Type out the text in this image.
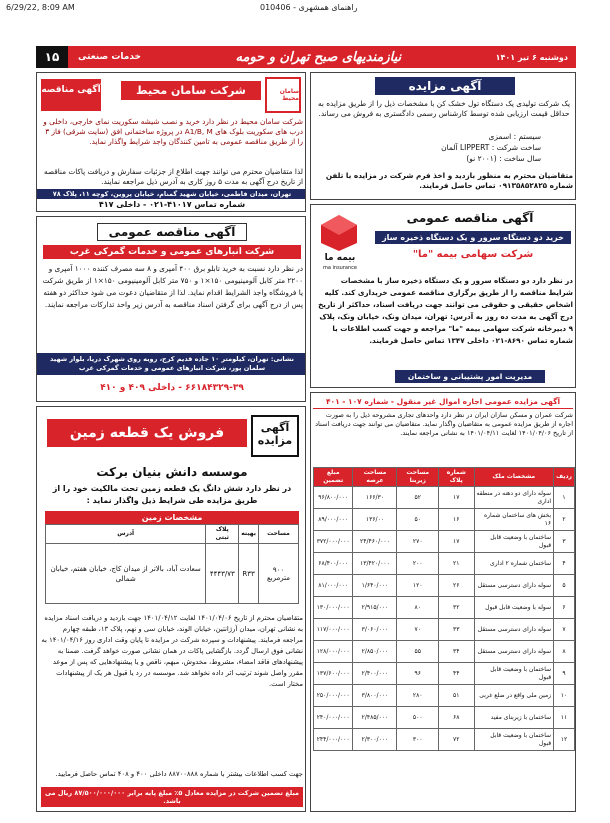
6/29/22, 8:09 AM	010406 - راهنمای همشهری
خدمات صنعتی	نیازمندیهای صبح تهران و حومه	دوشنبه ۶ تیر ۱۴۰۱
۱۵
آگهی مزایده
یک شرکت تولیدی یک دستگاه تول خشک کن با مشخصات ذیل را از طریق مزایده به حداقل قیمت ارزیابی شده توسط کارشناس رسمی دادگستری به فروش می رساند.
سیستم : اسمزی
ساخت شرکت : LIPPERT آلمان
سال ساخت : (۲۰۰۱ نو)
متقاضیان محترم به منظور بازدید و اخذ فرم شرکت در مزایده با تلفن شماره ۰۹۱۳۵۸۵۲۸۲۵ تماس حاصل فرمایند.
شرکت سامان محیط
آگهی مناقصه	سامان محیط
شرکت سامان محیط در نظر دارد خرید و نصب شیشه سکوریت نمای خارجی، داخلی و درب های سکوریت بلوک های A1/B, M در پروژه ساختمانی افق (سایت شرقی) فاز ۳ را از طریق مناقصه عمومی به تامین کنندگان واجد شرایط واگذار نماید.
لذا متقاضیان محترم می توانند جهت اطلاع از جزئیات سفارش و دریافت پاکات مناقصه از تاریخ درج آگهی به مدت ۵ روز کاری به آدرس ذیل مراجعه نمایند.
تهران، میدان فاطمی، خیابان شهید گمنام، خیابان پروین، کوچه ۱۱، پلاک ۷۸
شماره تماس ۴۱۰۱۷-۰۲۱ - داخلی ۴۱۷
بیمه ما
ma insurance
آگهی مناقصه عمومی
خرید دو دستگاه سرور و یک دستگاه ذخیره ساز
شرکت سهامی بیمه "ما"
در نظر دارد دو دستگاه سرور و یک دستگاه ذخیره ساز با مشخصات شرایط مناقصه را از طریق برگزاری مناقصه عمومی خریداری کند. کلیه اشخاص حقیقی و حقوقی می توانند جهت دریافت اسناد، حداکثر از تاریخ درج آگهی به مدت ده روز به آدرس: تهران، میدان ونک، خیابان ونک، پلاک ۹ دبیرخانه شرکت سهامی بیمه "ما" مراجعه و جهت کسب اطلاعات با شماره تماس ۸۶۹۰-۰۲۱ داخلی ۱۳۴۷ تماس حاصل فرمایند.
مدیریت امور پشتیبانی و ساختمان
آگهی مناقصه عمومی
شرکت انبارهای عمومی و خدمات گمرکی غرب
در نظر دارد نسبت به خرید تابلو برق ۴۰۰ آمپری و ۸ سه مصرف کننده ۱۰۰۰ آمپری و ۲۲۰۰ متر کابل آلومینیومی ۱۵۰×۱ و ۷۵۰ متر کابل آلومینیومی ۱۵۰×۱ از طریق شرکت یا فروشگاه واجد الشرایط اقدام نماید. لذا از متقاضیان دعوت می شود حداکثر دو هفته پس از درج آگهی برای گرفتن اسناد مناقصه به آدرس زیر واحد تدارکات مراجعه نمایند.
نشانی: تهران، کیلومتر ۱۰ جاده قدیم کرج، روبه روی شهرک دریا، بلوار شهید سلمان پور، شرکت انبارهای عمومی و خدمات گمرکی غرب
۶۶۱۸۴۳۲۹-۳۹ - داخلی ۴۰۹ و ۴۱۰
آگهی مزایده عمومی اجاره اموال غیر منقول - شماره ۱۰۷ - ۴۰۱
شرکت عمران و مسکن سازان ایران در نظر دارد واحدهای تجاری مشروحه ذیل را به صورت اجاره از طریق مزایده عمومی به متقاضیان واگذار نماید. متقاضیان می توانند جهت دریافت اسناد از تاریخ ۱۴۰۱/۰۴/۰۶ لغایت ۱۴۰۱/۰۴/۱۱ به نشانی مراجعه نمایند.
ردیف	مشخصات ملک	شماره پلاک	مساحت زیربنا	مساحت عرصه	مبلغ تضمین
۱	سوله دارای دو دهنه در منطقه اداری	۱۷	۵۲	۱۶۶/۳۰	۹۶/۸۰۰/۰۰۰
۲	بخش های ساختمان شماره ۱۶	۱۶	۵۰	۱۳۶/۰۰	۸۹/۰۰۰/۰۰۰
۳	ساختمان با وضعیت قابل قبول	۱۷	۲۷۰	۲۴/۴۶۰/۰۰۰	۳۷۲/۰۰۰/۰۰۰
۴	ساختمان شماره ۲ اداری	۲۱	۲۰۰	۱۳/۴۲۰/۰۰۰	۶۸/۴۰۰/۰۰۰
۵	سوله دارای دسترسی مستقل	۲۶	۱۲۰	۱/۶۴۰/۰۰۰	۸۱/۰۰۰/۰۰۰
۶	سوله با وضعیت قابل قبول	۳۲	۸۰	۲/۹۱۵/۰۰۰	۱۳۰/۰۰۰/۰۰۰
۷	سوله دارای دسترسی مستقل	۳۳	۷۰	۳/۰۶۰/۰۰۰	۱۱۷/۰۰۰/۰۰۰
۸	سوله دارای دسترسی مستقل	۳۴	۵۵	۲/۸۵۰/۰۰۰	۱۲۸/۰۰۰/۰۰۰
۹	ساختمان با وضعیت قابل قبول	۴۴	۹۶	۲/۴۰۰/۰۰۰	۱۳۷/۶۰۰/۰۰۰
۱۰	زمین ملی واقع در ضلع غربی	۵۱	۲۸۰	۳/۸۰۰/۰۰۰	۲۵۰/۰۰۰/۰۰۰
۱۱	ساختمان با زیربنای مفید	۶۸	۵۰۰	۲/۴۸۵/۰۰۰	۲۴۰/۰۰۰/۰۰۰
۱۲	ساختمان با وضعیت قابل قبول	۷۲	۳۰۰	۲/۳۰۰/۰۰۰	۲۴۴/۰۰۰/۰۰۰
آگهی مزایده
فروش یک قطعه زمین
موسسه دانش بنیان برکت
در نظر دارد شش دانگ یک قطعه زمین تحت مالکیت خود را از طریق مزایده طی شرایط ذیل واگذار نماید :
مشخصات زمین
مساحت	بهینه	پلاک ثبتی	آدرس
۹۰۰ مترمربع	R۳۳	۴۴۴۳/۷۳	سعادت آباد، بالاتر از میدان کاج، خیابان هفتم، خیابان شمالی
متقاضیان محترم از تاریخ ۱۴۰۱/۰۴/۰۶ لغایت ۱۴۰۱/۰۴/۱۲ جهت بازدید و دریافت اسناد مزایده به نشانی تهران، میدان آرژانتین، خیابان الوند، خیابان سی و نهم، پلاک ۱۳، طبقه چهارم مراجعه فرمایند. پیشنهادات و سپرده شرکت در مزایده تا پایان وقت اداری روز ۱۴۰۱/۰۴/۱۶ به نشانی فوق ارسال گردد. بازگشایی پاکات در همان نشانی صورت خواهد گرفت. ضمنا به پیشنهادهای فاقد امضاء، مشروط، مخدوش، مبهم، ناقص و یا پیشنهادهایی که پس از موعد مقرر واصل شوند ترتیب اثر داده نخواهد شد. موسسه در رد یا قبول هر یک از پیشنهادات مختار است.
جهت کسب اطلاعات بیشتر با شماره ۸۸۷۰۰۸۸۸ داخلی ۴۰۰ و ۴۰۸ تماس حاصل فرمایید.
مبلغ تضمین شرکت در مزایده معادل ۵٪ مبلغ پایه برابر ۸۷/۵۰۰/۰۰۰/۰۰۰ ریال می باشد.
